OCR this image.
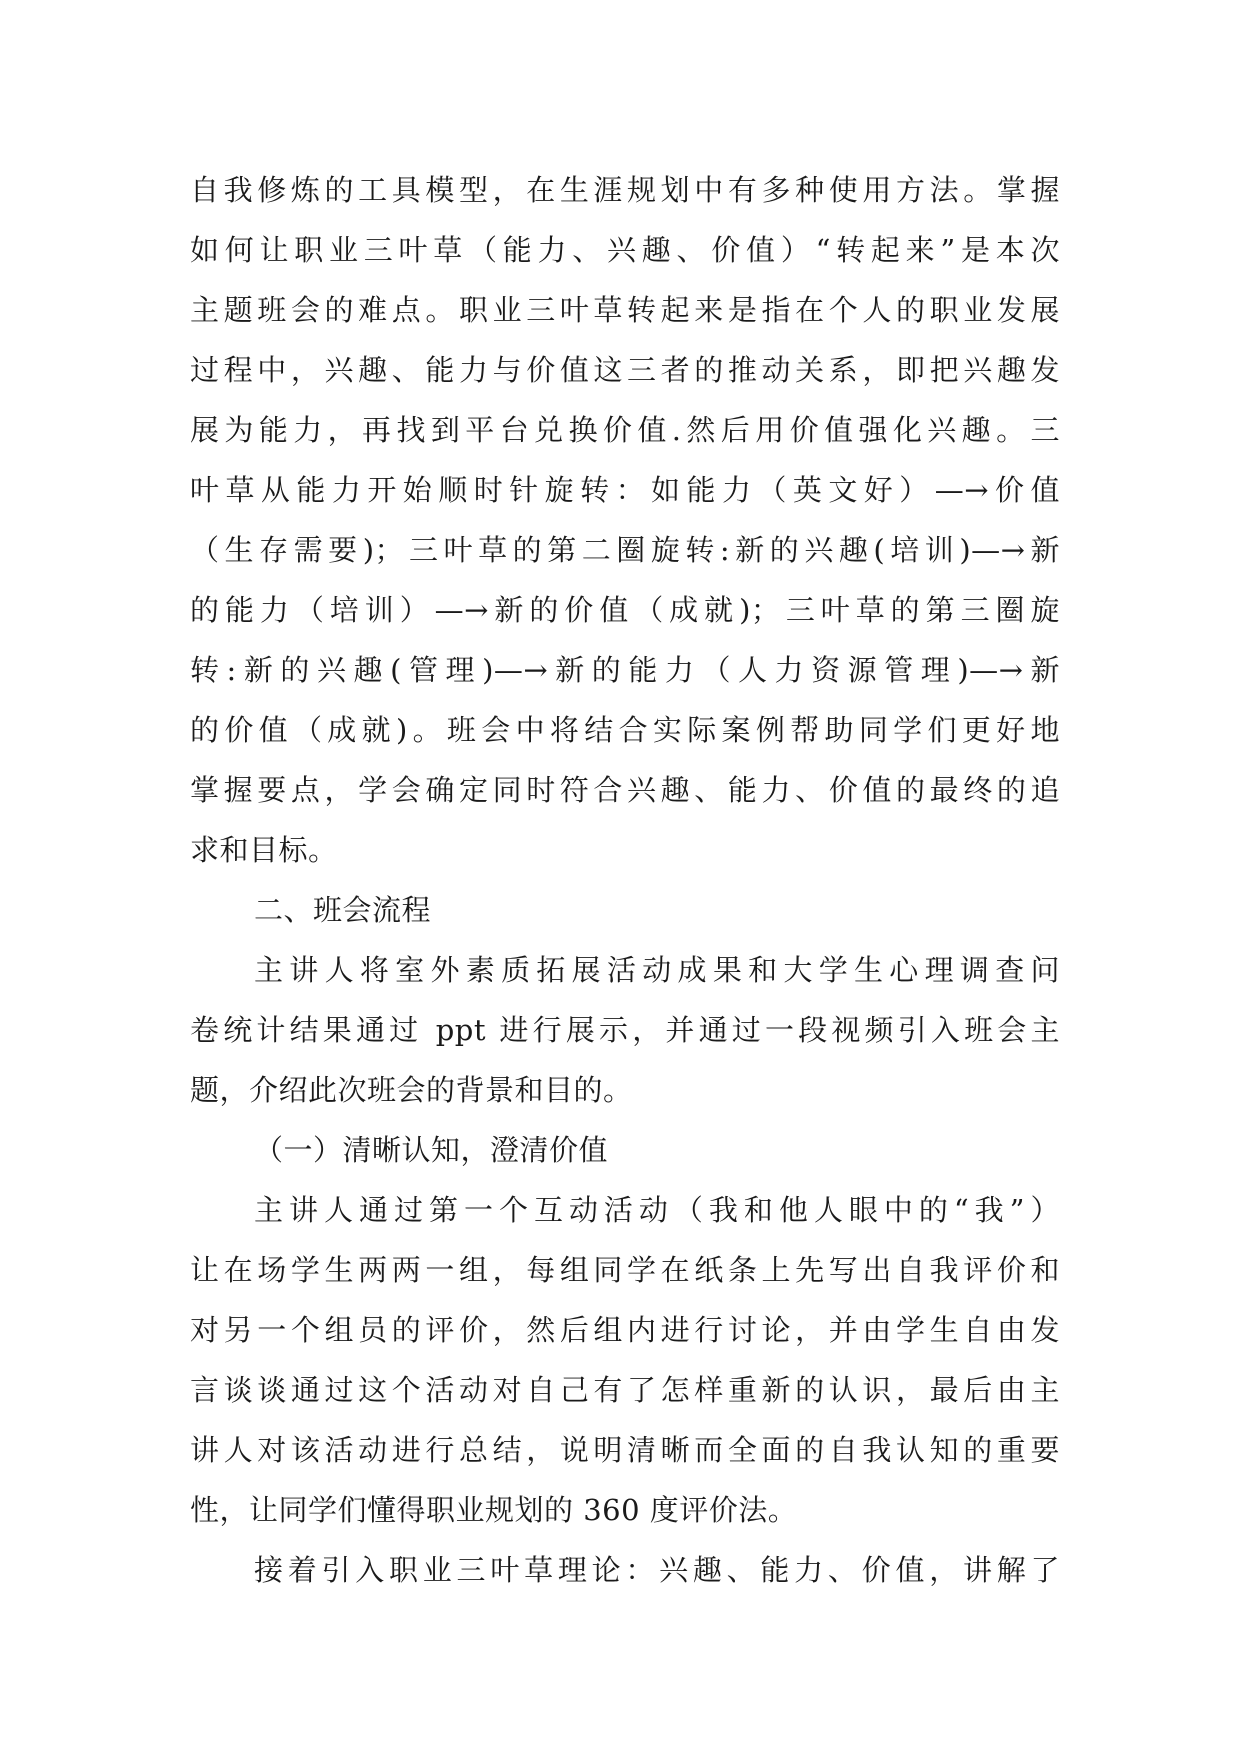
自我修炼的工具模型，在生涯规划中有多种使用方法。掌握
如何让职业三叶草（能力、兴趣、价值）“转起来”是本次
主题班会的难点。职业三叶草转起来是指在个人的职业发展
过程中，兴趣、能力与价值这三者的推动关系，即把兴趣发
展为能力，再找到平台兑换价值.然后用价值强化兴趣。三
叶草从能力开始顺时针旋转：如能力（英文好）—→价值
（生存需要)；三叶草的第二圈旋转:新的兴趣(培训)—→新
的能力（培训）—→新的价值（成就)；三叶草的第三圈旋
转:新的兴趣(管理)—→新的能力（人力资源管理)—→新
的价值（成就)。班会中将结合实际案例帮助同学们更好地
掌握要点，学会确定同时符合兴趣、能力、价值的最终的追
求和目标。
二、班会流程
主讲人将室外素质拓展活动成果和大学生心理调查问
卷统计结果通过 ppt 进行展示，并通过一段视频引入班会主
题，介绍此次班会的背景和目的。
（一）清晰认知，澄清价值
主讲人通过第一个互动活动（我和他人眼中的“我”）
让在场学生两两一组，每组同学在纸条上先写出自我评价和
对另一个组员的评价，然后组内进行讨论，并由学生自由发
言谈谈通过这个活动对自己有了怎样重新的认识，最后由主
讲人对该活动进行总结，说明清晰而全面的自我认知的重要
性，让同学们懂得职业规划的 360 度评价法。
接着引入职业三叶草理论：兴趣、能力、价值，讲解了
